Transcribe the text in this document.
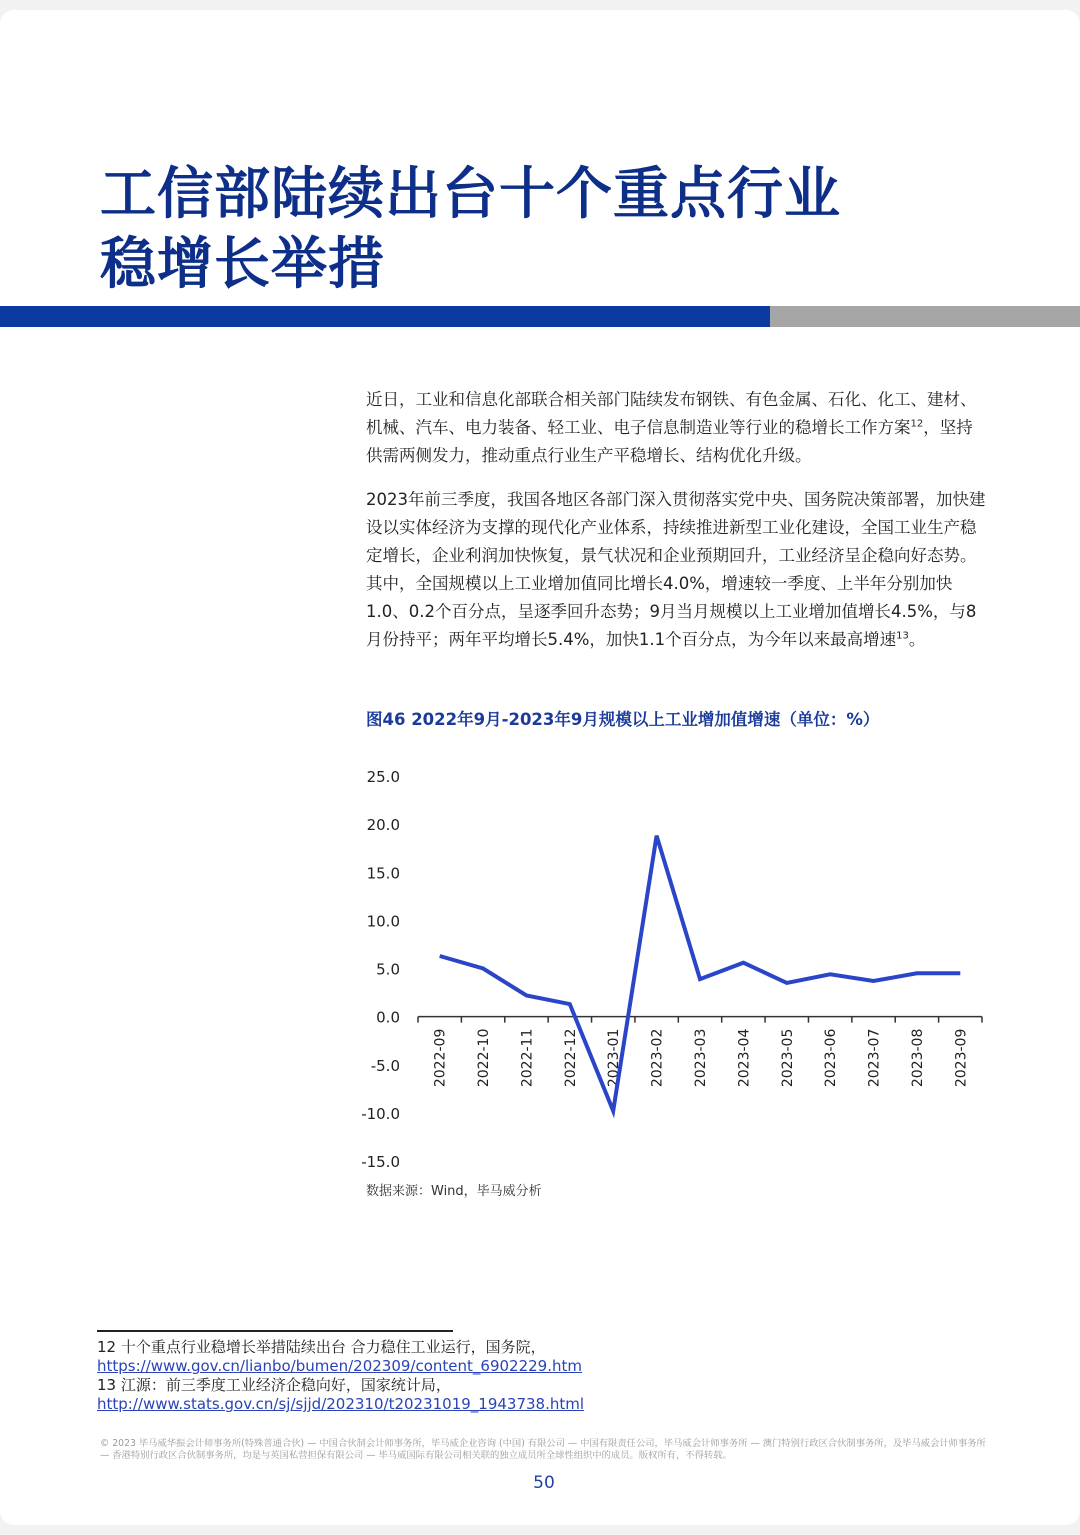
工信部陆续出台十个重点行业
稳增长举措

近日，工业和信息化部联合相关部门陆续发布钢铁、有色金属、石化、化工、建材、机械、汽车、电力装备、轻工业、电子信息制造业等行业的稳增长工作方案$^{12}$，坚持供需两侧发力，推动重点行业生产平稳增长、结构优化升级。

2023年前三季度，我国各地区各部门深入贯彻落实党中央、国务院决策部署，加快建设以实体经济为支撑的现代化产业体系，持续推进新型工业化建设，全国工业生产稳定增长，企业利润加快恢复，景气状况和企业预期回升，工业经济呈企稳向好态势。其中，全国规模以上工业增加值同比增长4.0%，增速较一季度、上半年分别加快1.0、0.2个百分点，呈逐季回升态势；9月当月规模以上工业增加值增长4.5%，与8月份持平；两年平均增长5.4%，加快1.1个百分点，为今年以来最高增速$^{13}$。

图46 2022年9月-2023年9月规模以上工业增加值增速（单位：%）

25.0
20.0
15.0
10.0
5.0
0.0
-5.0
-10.0
-15.0
2022-09 2022-10 2022-11 2022-12 2023-01 2023-02 2023-03 2023-04 2023-05 2023-06 2023-07 2023-08 2023-09
数据来源：Wind，毕马威分析
12 十个重点行业稳增长举措陆续出台 合力稳住工业运行，国务院，
https://www.gov.cn/lianbo/bumen/202309/content_6902229.htm
13 江源：前三季度工业经济企稳向好，国家统计局，
http://www.stats.gov.cn/sj/sjjd/202310/t20231019_1943738.html
© 2023 毕马威华振会计师事务所(特殊普通合伙) — 中国合伙制会计师事务所，毕马威企业咨询 (中国) 有限公司 — 中国有限责任公司，毕马威会计师事务所 — 澳门特别行政区合伙制事务所，及毕马威会计师事务所 — 香港特别行政区合伙制事务所，均是与英国私营担保有限公司 — 毕马威国际有限公司相关联的独立成员所全球性组织中的成员。版权所有，不得转载。
50
